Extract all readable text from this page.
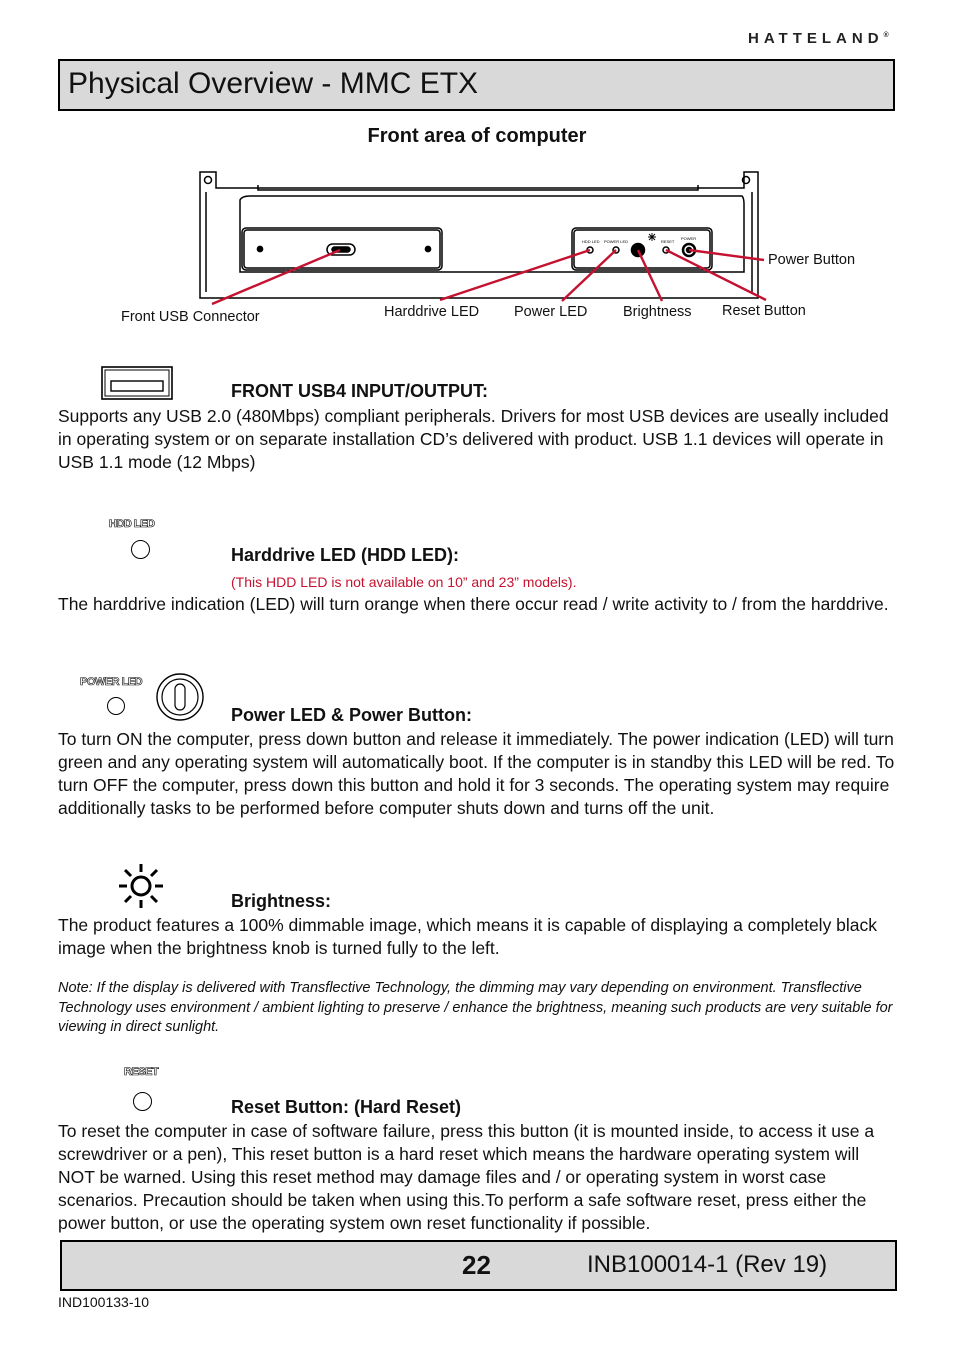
HATTELAND®
Physical Overview - MMC ETX
Front area of computer
HDD LED POWER LED	RESET
POWER
Front USB Connector	Harddrive LED Power LED Brightness Reset Button
Power Button
FRONT USB4 INPUT/OUTPUT:
Supports any USB 2.0 (480Mbps) compliant peripherals. Drivers for most USB devices are useally included in operating system or on separate installation CD’s delivered with product. USB 1.1 devices will operate in USB 1.1 mode (12 Mbps)
HDD LED
Harddrive LED (HDD LED):
(This HDD LED is not available on 10” and 23” models).
The harddrive indication (LED) will turn orange when there occur read / write activity to / from the harddrive.
POWER LED
Power LED & Power Button:
To turn ON the computer, press down button and release it immediately. The power indication (LED) will turn green and any operating system will automatically boot. If the computer is in standby this LED will be red. To turn OFF the computer, press down this button and hold it for 3 seconds. The operating system may require additionally tasks to be performed before computer shuts down and turns off the unit.
Brightness:
The product features a 100% dimmable image, which means it is capable of displaying a completely black image when the brightness knob is turned fully to the left.
Note: If the display is delivered with Transflective Technology, the dimming may vary depending on environment. Transflective Technology uses environment / ambient lighting to preserve / enhance the brightness, meaning such products are very suitable for viewing in direct sunlight.
RESET
Reset Button: (Hard Reset)
To reset the computer in case of software failure, press this button (it is mounted inside, to access it use a screwdriver or a pen), This reset button is a hard reset which means the hardware operating system will NOT be warned. Using this reset method may damage files and / or operating system in worst case scenarios. Precaution should be taken when using this.To perform a safe software reset, press either the power button, or use the operating system own reset functionality if possible.
22	INB100014-1 (Rev 19)
IND100133-10
